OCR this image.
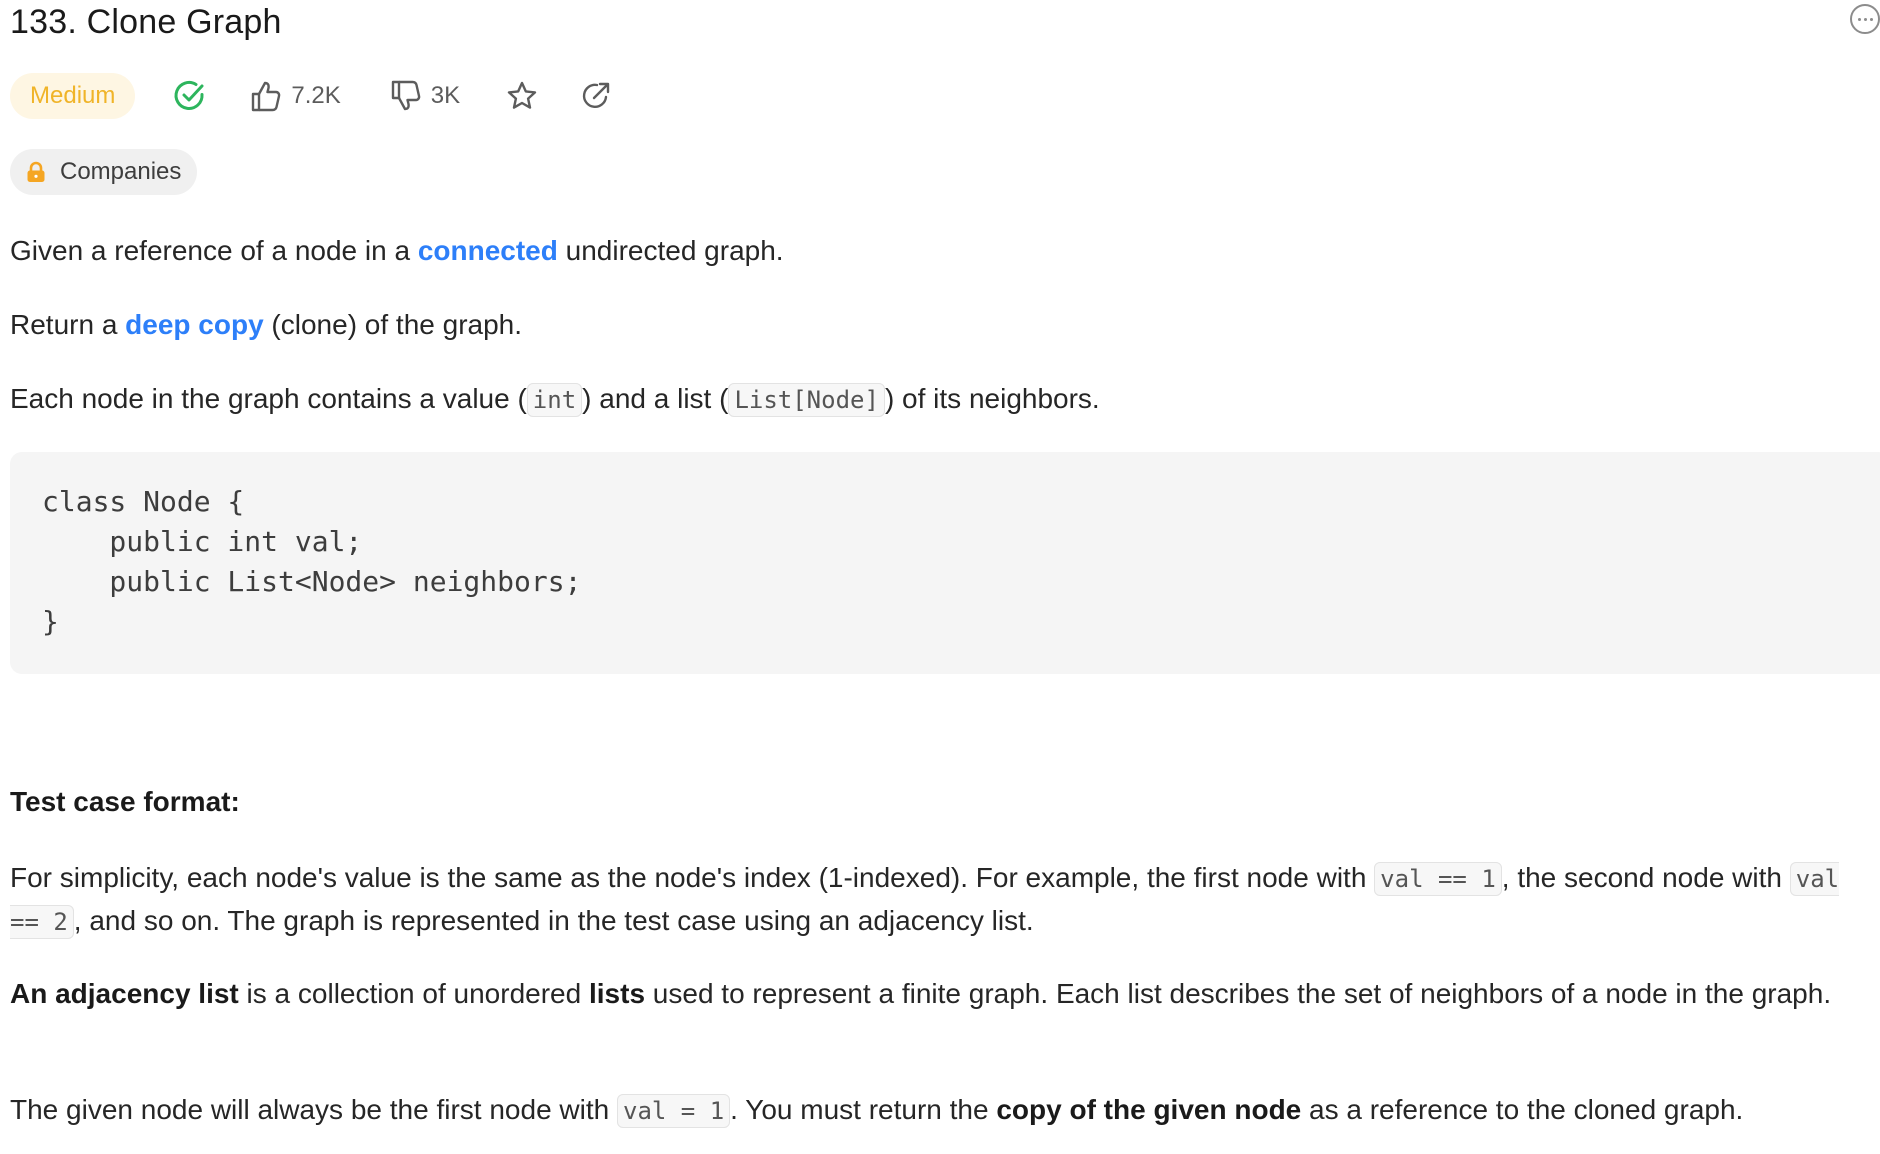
133. Clone Graph
Medium	7.2K	3K
Companies

Given a reference of a node in a connected undirected graph.

Return a deep copy (clone) of the graph.

Each node in the graph contains a value ( int ) and a list ( List[Node] ) of its neighbors.

class Node {
public int val;
public List<Node> neighbors;
}

Test case format:

For simplicity, each node's value is the same as the node's index (1-indexed). For example, the first node with val == 1 , the second node with val == 2 , and so on. The graph is represented in the test case using an adjacency list.

An adjacency list is a collection of unordered lists used to represent a finite graph. Each list describes the set of neighbors of a node in the graph.

The given node will always be the first node with val = 1 . You must return the copy of the given node as a reference to the cloned graph.
